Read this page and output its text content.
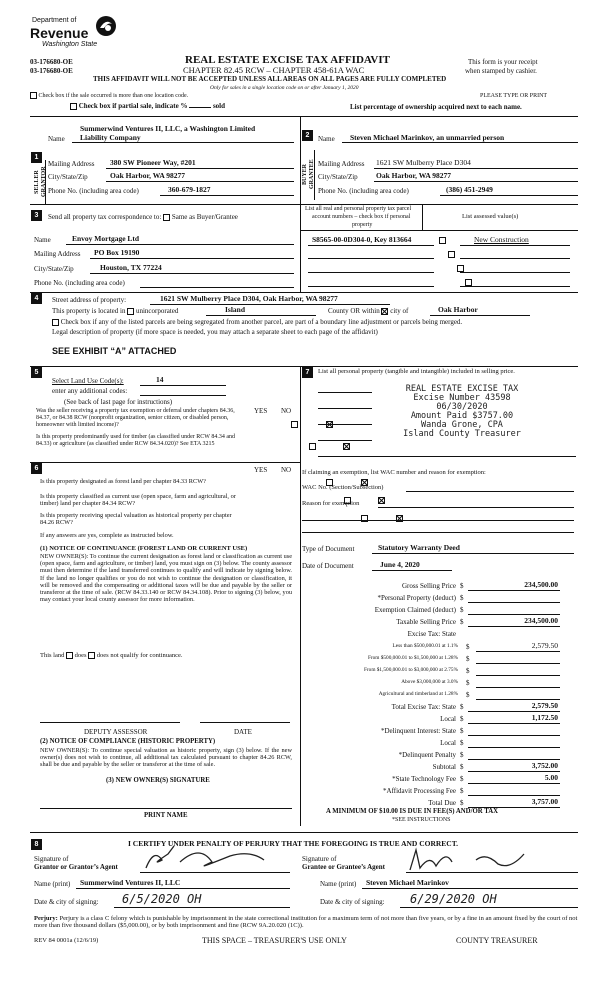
Department of
Revenue
Washington State
03-176680-OE
03-176680-OE
REAL ESTATE EXCISE TAX AFFIDAVIT
CHAPTER 82.45 RCW – CHAPTER 458-61A WAC
THIS AFFIDAVIT WILL NOT BE ACCEPTED UNLESS ALL AREAS ON ALL PAGES ARE FULLY COMPLETED
Only for sales in a single location code on or after January 1, 2020
This form is your receipt
when stamped by cashier.
Check box if the sale occurred is more than one location code.	PLEASE TYPE OR PRINT
Check box if partial sale, indicate %	sold	List percentage of ownership acquired next to each name.
1
SELLER GRANTOR
Summerwind Ventures II, LLC, a Washington Limited
Name Liability Company
Mailing Address 380 SW Pioneer Way, #201
City/State/Zip	Oak Harbor, WA 98277
Phone No. (including area code)	360-679-1827
2	Name Steven Michael Marinkov, an unmarried person
BUYER GRANTEE Mailing Address 1621 SW Mulberry Place D304
City/State/Zip Oak Harbor, WA 98277
Phone No. (including area code)	(386) 451-2949
3	Send all property tax correspondence to: Same as Buyer/Grantee
List all real and personal property tax parcel
account numbers – check box if personal
property
List assessed value(s)
Name	Envoy Mortgage Ltd
Mailing Address PO Box 19190
City/State/Zip	Houston, TX 77224
Phone No. (including area code)
S8565-00-0D304-0, Key 813664
	New Construction

4	Street address of property:	1621 SW Mulberry Place D304, Oak Harbor, WA 98277
This property is located in unincorporated	Island	County OR within city of	Oak Harbor
Check box if any of the listed parcels are being segregated from another parcel, are part of a boundary line adjustment or parcels being merged.
Legal description of property (if more space is needed, you may attach a separate sheet to each page of the affidavit)
SEE EXHIBIT “A” ATTACHED
5
Select Land Use Code(s):	14
enter any additional codes:
(See back of last page for instructions)
YES NO
Was the seller receiving a property tax exemption or deferral under chapters 84.36, 84.37, or 84.38 RCW (nonprofit organization, senior citizen, or disabled person, homeowner with limited income)?

Is this property predominantly used for timber (as classified under RCW 84.34 and 84.33) or agriculture (as classified under RCW 84.34.020)? See ETA 3215

6	YES NO
Is this property designated as forest land per chapter 84.33 RCW?

Is this property classified as current use (open space, farm and agricultural, or timber) land per chapter 84.34 RCW?

Is this property receiving special valuation as historical property per chapter 84.26 RCW?

If any answers are yes, complete as instructed below.
(1) NOTICE OF CONTINUANCE (FOREST LAND OR CURRENT USE)
NEW OWNER(S): To continue the current designation as forest land or classification as current use (open space, farm and agriculture, or timber) land, you must sign on (3) below. The county assessor must then determine if the land transferred continues to qualify and will indicate by signing below. If the land no longer qualifies or you do not wish to continue the designation or classification, it will be removed and the compensating or additional taxes will be due and payable by the seller or transferor at the time of sale. (RCW 84.33.140 or RCW 84.34.108). Prior to signing (3) below, you may contact your local county assessor for more information.
This land does does not qualify for continuance.
DEPUTY ASSESSOR	DATE
(2) NOTICE OF COMPLIANCE (HISTORIC PROPERTY)
NEW OWNER(S): To continue special valuation as historic property, sign (3) below. If the new owner(s) does not wish to continue, all additional tax calculated pursuant to chapter 84.26 RCW, shall be due and payable by the seller or transferor at the time of sale.
(3) NEW OWNER(S) SIGNATURE
PRINT NAME
7	List all personal property (tangible and intangible) included in selling price.
REAL ESTATE EXCISE TAX
Excise Number 43598
06/30/2020
Amount Paid $3757.00
Wanda Grone, CPA
Island County Treasurer
If claiming an exemption, list WAC number and reason for exemption:
WAC No. (Section/Subsection)
Reason for exemption
Type of Document	Statutory Warranty Deed
Date of Document	June 4, 2020
Gross Selling Price $	234,500.00
*Personal Property (deduct) $
Exemption Claimed (deduct) $
Taxable Selling Price $	234,500.00
Excise Tax: State
Less than $500,000.01 at 1.1% $	2,579.50
From $500,000.01 to $1,500,000 at 1.28% $
From $1,500,000.01 to $3,000,000 at 2.75% $
Above $3,000,000 at 3.0% $
Agricultural and timberland at 1.28% $
Total Excise Tax: State $	2,579.50
Local $	1,172.50
*Delinquent Interest: State $
Local $
*Delinquent Penalty $
Subtotal $	3,752.00
*State Technology Fee $	5.00
*Affidavit Processing Fee $
Total Due $	3,757.00
A MINIMUM OF $10.00 IS DUE IN FEE(S) AND/OR TAX
*SEE INSTRUCTIONS
8	I CERTIFY UNDER PENALTY OF PERJURY THAT THE FOREGOING IS TRUE AND CORRECT.
Signature of
Grantor or Grantor’s Agent
Signature of
Grantee or Grantee’s Agent
Name (print) Summerwind Ventures II, LLC	Name (print) Steven Michael Marinkov
Date & city of signing: 6/5/2020 OH	Date & city of signing: 6/29/2020 OH
Perjury: Perjury is a class C felony which is punishable by imprisonment in the state correctional institution for a maximum term of not more than five years, or by a fine in an amount fixed by the court of not more than five thousand dollars ($5,000.00), or by both imprisonment and fine (RCW 9A.20.020 (1C)).
REV 84 0001a (12/6/19)	THIS SPACE – TREASURER'S USE ONLY	COUNTY TREASURER
